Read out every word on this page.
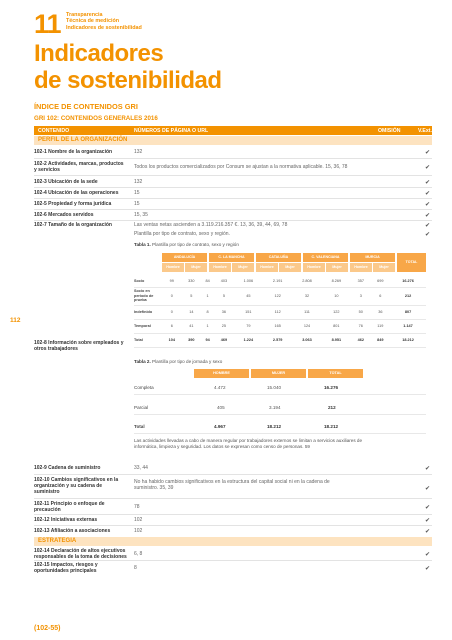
11 Transparencia
Técnica de medición
Indicadores de sostenibilidad
Indicadores
de sostenibilidad
ÍNDICE DE CONTENIDOS GRI
GRI 102: CONTENIDOS GENERALES 2016
CONTENIDO	NÚMEROS DE PÁGINA O URL	OMISIÓN	V.Ext.
PERFIL DE LA ORGANIZACIÓN
102-1 Nombre de la organización	132	✔
102-2 Actividades, marcas, productos y servicios
Todos los productos comercializados por Consum se ajustan a la normativa aplicable. 15, 36, 78	✔
102-3 Ubicación de la sede	132	✔
102-4 Ubicación de las operaciones	15	✔
102-5 Propiedad y forma jurídica	15	✔
102-6 Mercados servidos	15, 35	✔
102-7 Tamaño de la organización	Las ventas netas ascienden a 3.119.216.357 €. 13, 36, 39, 44, 69, 78	✔
Plantilla por tipo de contrato, sexo y región.	✔
Tabla 1. Plantilla por tipo de contrato, sexo y región
ANDALUCÍA	C. LA MANCHA	CATALUÑA	C. VALENCIANA	MURCIA
TOTAL
Hombre	Mujer	Hombre	Mujer	Hombre	Mujer	Hombre	Mujer	Hombre	Mujer
Socio	99	330	84	403	1.006	2.191	2.808	8.269	357	699	16.276
Socio en periodo de prueba	0	5	1	5	45	122	32	10	3	6	212
Indefinido	0	14	8	36	151	112	111	122	50	36	807
Temporal	6	41	1	25	79	165	124	801	76	119	1.147
Total	104	390	94	469	1.224	2.579	3.063	8.951	462	849	18.212
112
102-8 Información sobre empleados y otros trabajadores
Tabla 2. Plantilla por tipo de jornada y sexo
HOMBRE	MUJER	TOTAL
Completa	4.472	15.040	16.276
Parcial	405	3.194	212
Total	4.967	18.212	18.212
Las actividades llevadas a cabo de manera regular por trabajadores externos se limitan a servicios auxiliares de informática, limpieza y seguridad. Los datos se expresan como censo de personas. 59
102-9 Cadena de suministro	33, 44	✔
102-10 Cambios significativos en la organización y su cadena de suministro
No ha habido cambios significativos en la estructura del capital social ni en la cadena de suministro. 35, 39	✔
102-11 Principio o enfoque de precaución
78	✔
102-12 Iniciativas externas	102	✔
102-13 Afiliación a asociaciones	102	✔
ESTRATEGIA
102-14 Declaración de altos ejecutivos responsables de la toma de decisiones
6, 8	✔
102-15 Impactos, riesgos y oportunidades principales
8	✔
(102-55)
